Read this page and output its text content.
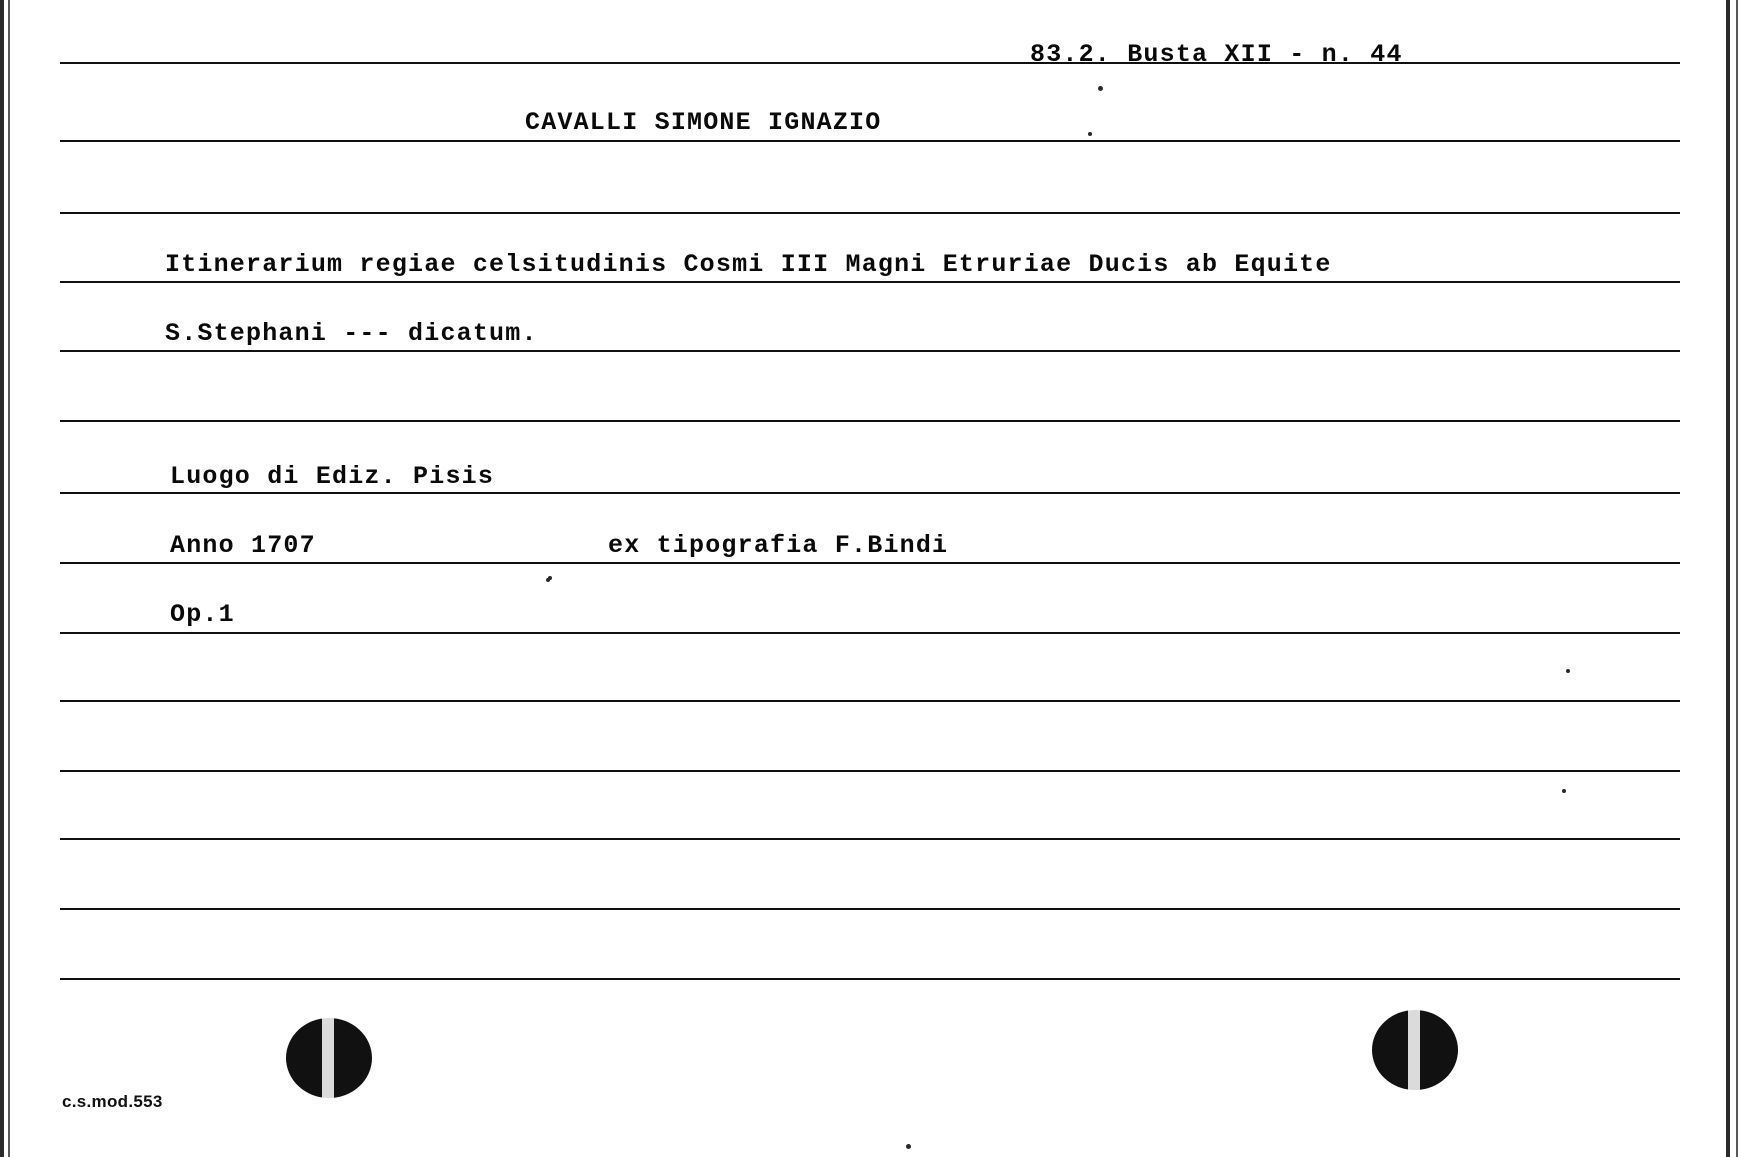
83.2. Busta XII - n. 44
CAVALLI SIMONE IGNAZIO
Itinerarium regiae celsitudinis Cosmi III Magni Etruriae Ducis ab Equite
S.Stephani --- dicatum.
Luogo di Ediz. Pisis
Anno 1707	ex tipografia F.Bindi
Op.1
c.s.mod.553
